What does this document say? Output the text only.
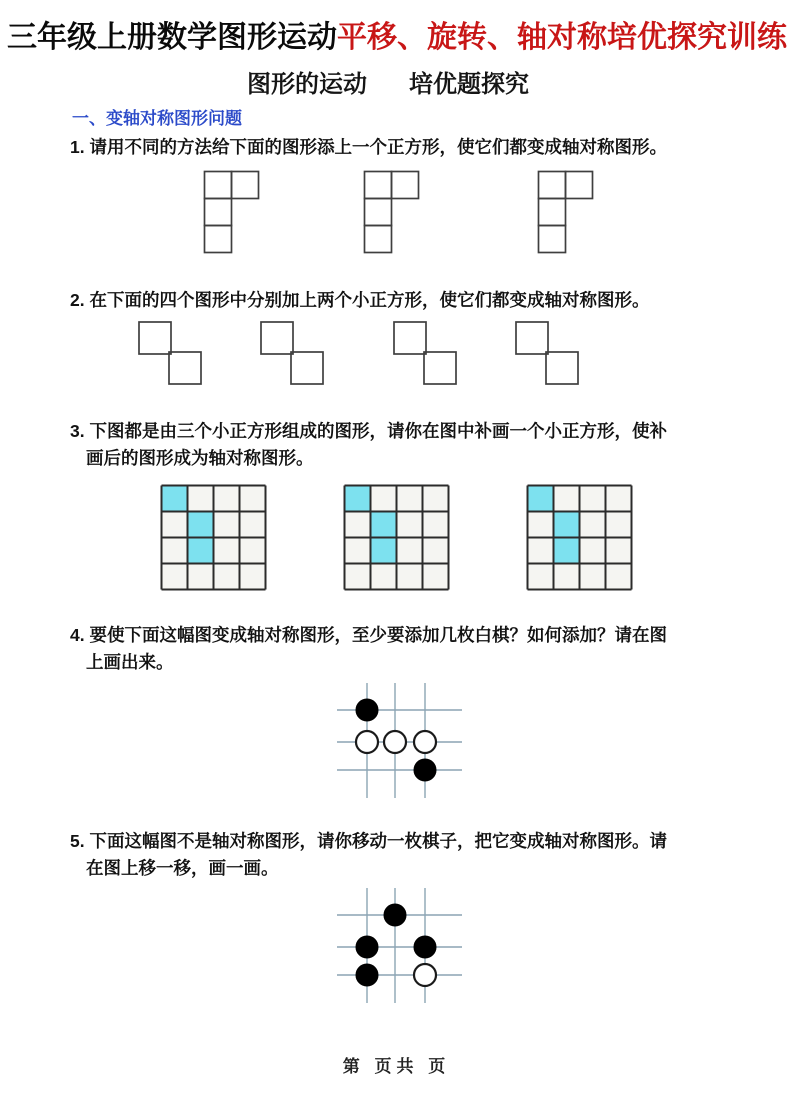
三年级上册数学图形运动平移、旋转、轴对称培优探究训练
图形的运动 培优题探究
一、变轴对称图形问题
1. 请用不同的方法给下面的图形添上一个正方形，使它们都变成轴对称图形。
2. 在下面的四个图形中分别加上两个小正方形，使它们都变成轴对称图形。
3. 下图都是由三个小正方形组成的图形，请你在图中补画一个小正方形，使补
画后的图形成为轴对称图形。
4. 要使下面这幅图变成轴对称图形，至少要添加几枚白棋？如何添加？请在图
上画出来。
5. 下面这幅图不是轴对称图形，请你移动一枚棋子，把它变成轴对称图形。请
在图上移一移，画一画。
第 页共 页
